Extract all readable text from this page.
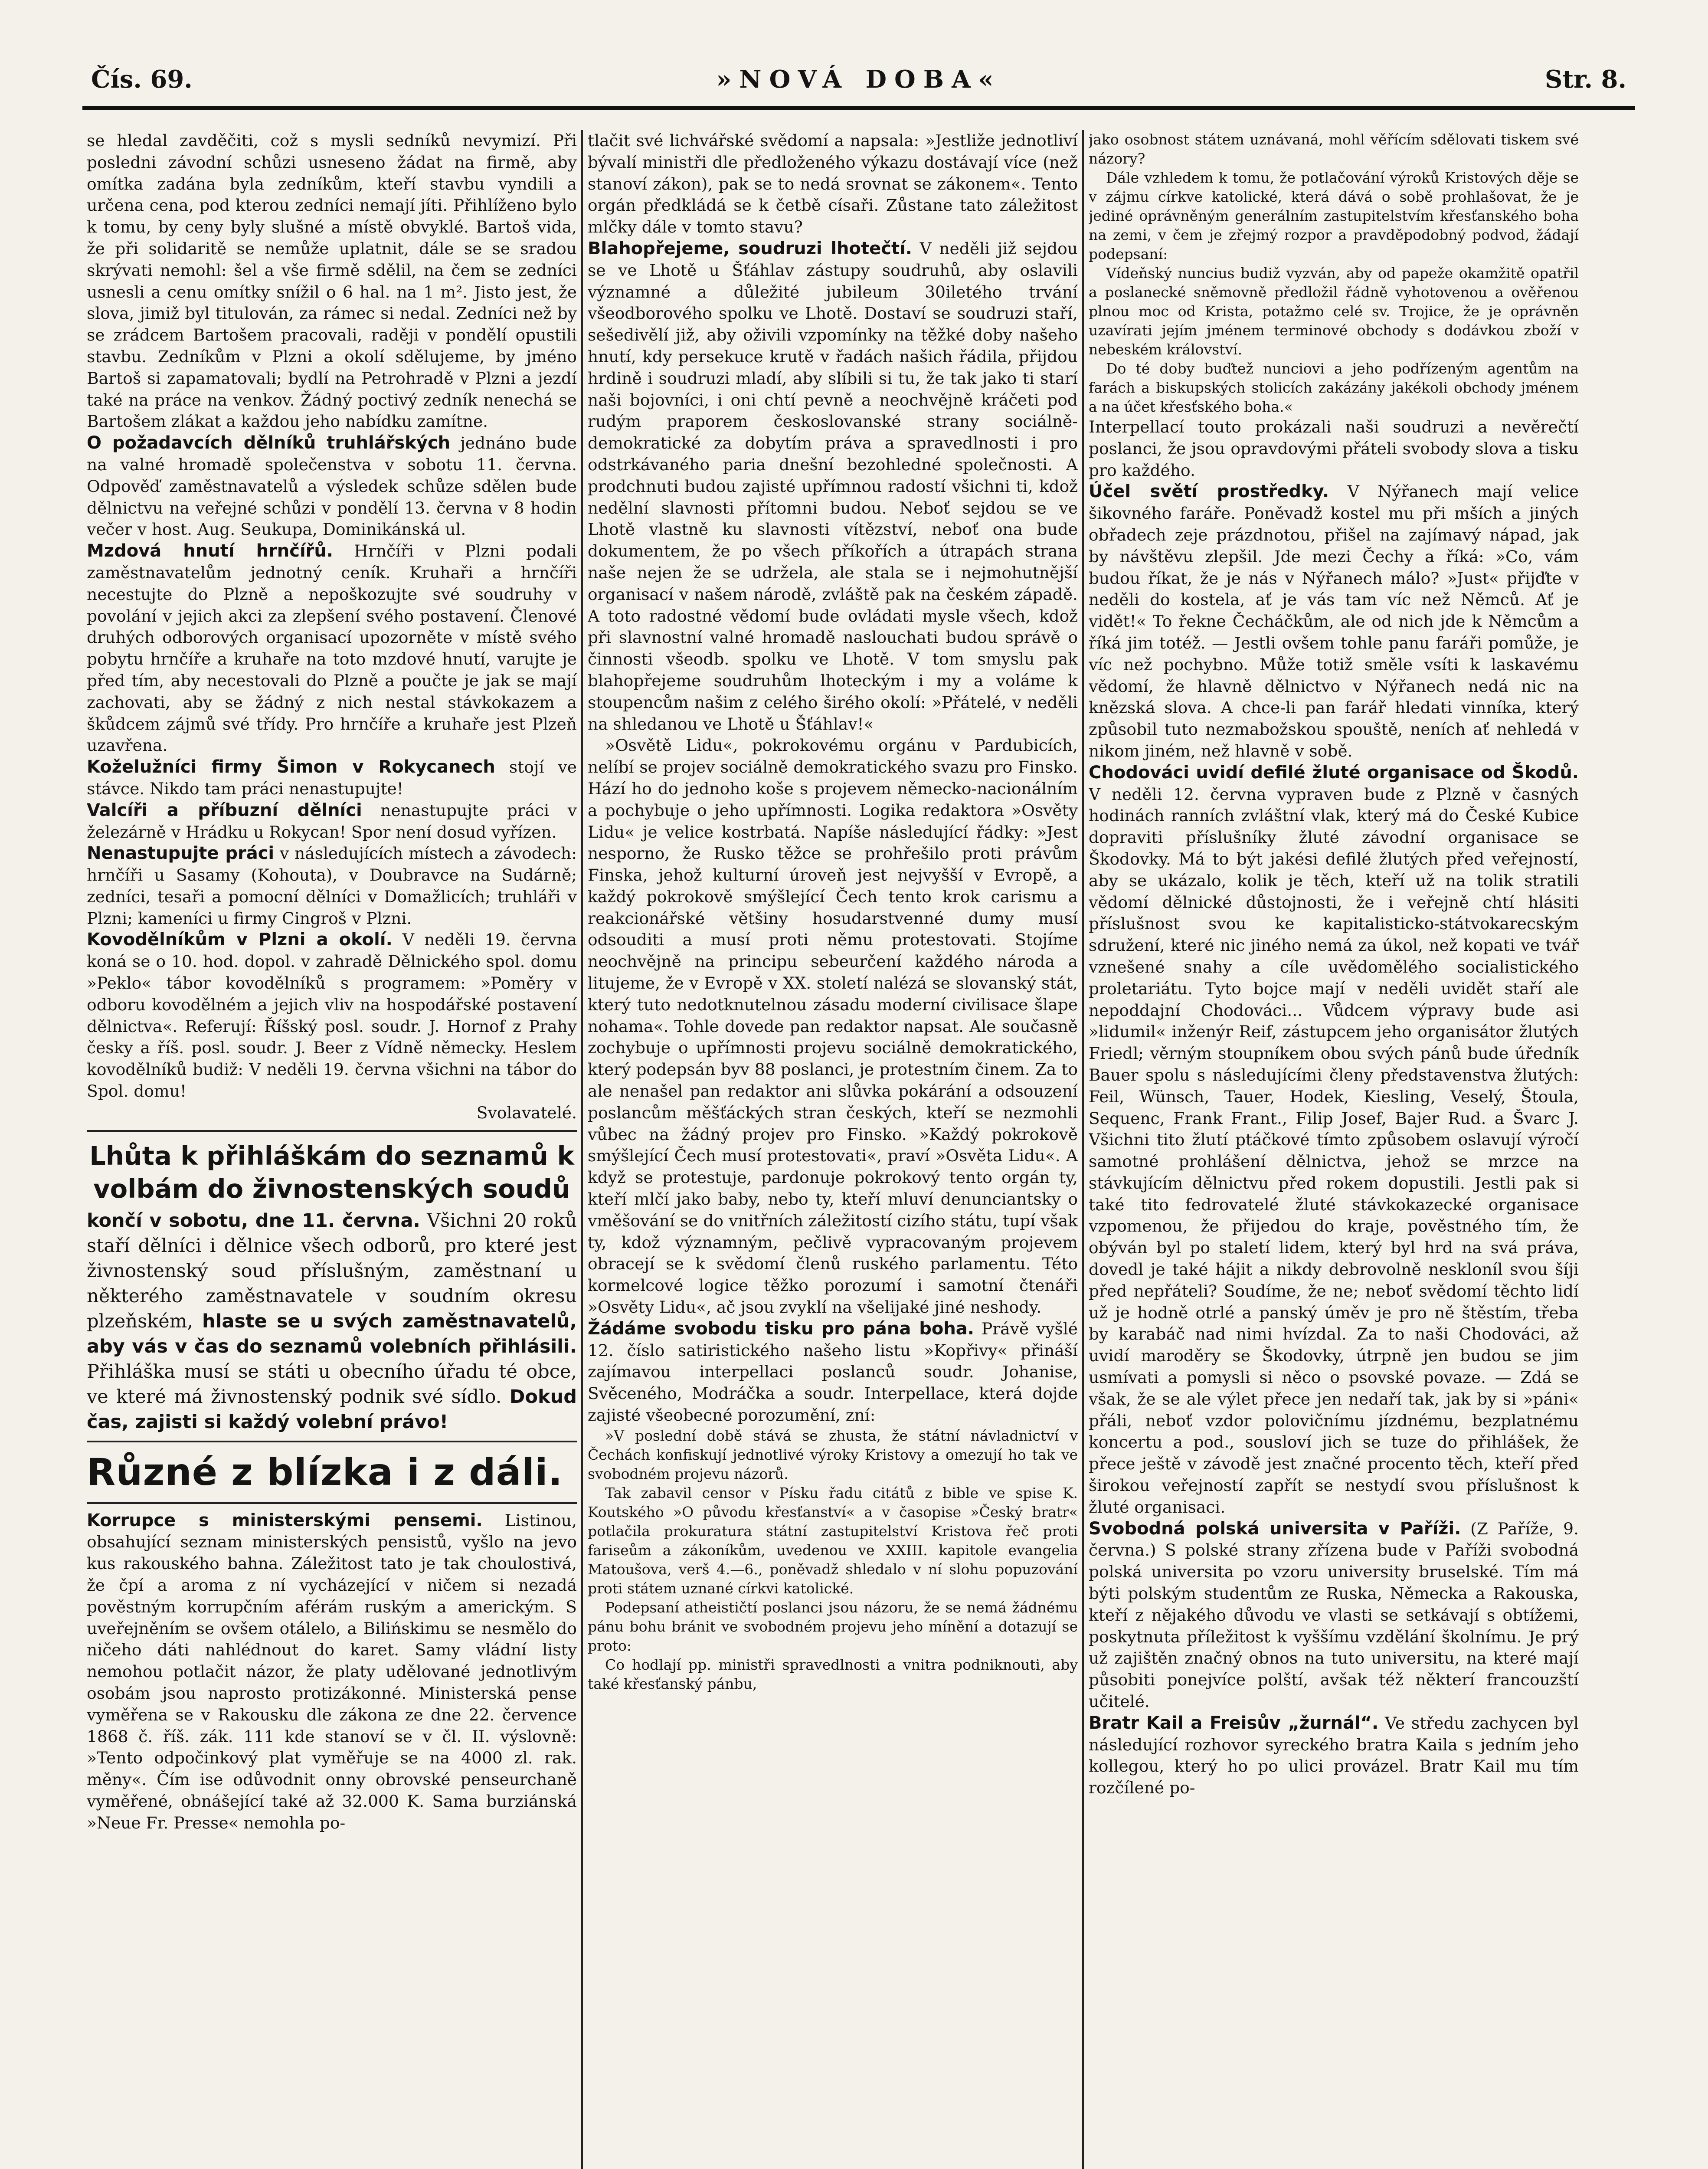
Čís. 69.	»NOVÁ DOBA«	Str. 8.

se hledal zavděčiti, což s mysli sedníků nevymizí. Při posledni závodní schůzi usneseno žádat na firmě, aby omítka zadána byla zedníkům, kteří stavbu vyndili a určena cena, pod kterou zedníci nemají jíti. Přihlíženo bylo k tomu, by ceny byly slušné a místě obvyklé. Bartoš vida, že při solidaritě se nemůže uplatnit, dále se se sradou skrývati nemohl: šel a vše firmě sdělil, na čem se zedníci usnesli a cenu omítky snížil o 6 hal. na 1 m². Jisto jest, že slova, jimiž byl titulován, za rámec si nedal. Zedníci než by se zrádcem Bartošem pracovali, raději v pondělí opustili stavbu. Zedníkům v Plzni a okolí sdělujeme, by jméno Bartoš si zapamatovali; bydlí na Petrohradě v Plzni a jezdí také na práce na venkov. Žádný poctivý zedník nenechá se Bartošem zlákat a každou jeho nabídku zamítne.

O požadavcích dělníků truhlářských jednáno bude na valné hromadě společenstva v sobotu 11. června. Odpověď zaměstnavatelů a výsledek schůze sdělen bude dělnictvu na veřejné schůzi v pondělí 13. června v 8 hodin večer v host. Aug. Seukupa, Dominikánská ul.

Mzdová hnutí hrnčířů. Hrnčíři v Plzni podali zaměstnavatelům jednotný ceník. Kruhaři a hrnčíři necestujte do Plzně a nepoškozujte své soudruhy v povolání v jejich akci za zlepšení svého postavení. Členové druhých odborových organisací upozorněte v místě svého pobytu hrnčíře a kruhaře na toto mzdové hnutí, varujte je před tím, aby necestovali do Plzně a poučte je jak se mají zachovati, aby se žádný z nich nestal stávkokazem a škůdcem zájmů své třídy. Pro hrnčíře a kruhaře jest Plzeň uzavřena.

Koželužníci firmy Šimon v Rokycanech stojí ve stávce. Nikdo tam práci nenastupujte!

Valcíři a příbuzní dělníci nenastupujte práci v železárně v Hrádku u Rokycan! Spor není dosud vyřízen.

Nenastupujte práci v následujících místech a závodech: hrnčíři u Sasamy (Kohouta), v Doubravce na Sudárně; zedníci, tesaři a pomocní dělníci v Domažlicích; truhláři v Plzni; kameníci u firmy Cingroš v Plzni.

Kovodělníkům v Plzni a okolí. V neděli 19. června koná se o 10. hod. dopol. v zahradě Dělnického spol. domu »Peklo« tábor kovodělníků s programem: »Poměry v odboru kovodělném a jejich vliv na hospodářské postavení dělnictva«. Referují: Říšský posl. soudr. J. Hornof z Prahy česky a říš. posl. soudr. J. Beer z Vídně německy. Heslem kovodělníků budiž: V neděli 19. června všichni na tábor do Spol. domu!

Svolavatelé.

Lhůta k přihláškám do seznamů k volbám do živnostenských soudů

končí v sobotu, dne 11. června. Všichni 20 roků staří dělníci i dělnice všech odborů, pro které jest živnostenský soud příslušným, zaměstnaní u některého zaměstnavatele v soudním okresu plzeňském, hlaste se u svých zaměstnavatelů, aby vás v čas do seznamů volebních přihlásili. Přihláška musí se státi u obecního úřadu té obce, ve které má živnostenský podnik své sídlo. Dokud čas, zajisti si každý volební právo!

Různé z blízka i z dáli.

Korrupce s ministerskými pensemi. Listinou, obsahující seznam ministerských pensistů, vyšlo na jevo kus rakouského bahna. Záležitost tato je tak choulostivá, že čpí a aroma z ní vycházející v ničem si nezadá pověstným korrupčním aférám ruským a americkým. S uveřejněním se ovšem otálelo, a Bilińskimu se nesmělo do ničeho dáti nahlédnout do karet. Samy vládní listy nemohou potlačit názor, že platy udělované jednotlivým osobám jsou naprosto protizákonné. Ministerská pense vyměřena se v Rakousku dle zákona ze dne 22. července 1868 č. říš. zák. 111 kde stanoví se v čl. II. výslovně: »Tento odpočinkový plat vyměřuje se na 4000 zl. rak. měny«. Čím ise odůvodnit onny obrovské penseurchaně vyměřené, obnášející také až 32.000 K. Sama burziánská »Neue Fr. Presse« nemohla po-

tlačit své lichvářské svědomí a napsala: »Jestliže jednotliví bývalí ministři dle předloženého výkazu dostávají více (než stanoví zákon), pak se to nedá srovnat se zákonem«. Tento orgán předkládá se k četbě císaři. Zůstane tato záležitost mlčky dále v tomto stavu?

Blahopřejeme, soudruzi lhotečtí. V neděli již sejdou se ve Lhotě u Šťáhlav zástupy soudruhů, aby oslavili významné a důležité jubileum 30iletého trvání všeodborového spolku ve Lhotě. Dostaví se soudruzi staří, sešedivělí již, aby oživili vzpomínky na těžké doby našeho hnutí, kdy persekuce krutě v řadách našich řádila, přijdou hrdině i soudruzi mladí, aby slíbili si tu, že tak jako ti starí naši bojovníci, i oni chtí pevně a neochvějně kráčeti pod rudým praporem českoslovanské strany sociálně-demokratické za dobytím práva a spravedlnosti i pro odstrkávaného paria dnešní bezohledné společnosti. A prodchnuti budou zajisté upřímnou radostí všichni ti, kdož nedělní slavnosti přítomni budou. Neboť sejdou se ve Lhotě vlastně ku slavnosti vítězství, neboť ona bude dokumentem, že po všech příkořích a útrapách strana naše nejen že se udržela, ale stala se i nejmohutnější organisací v našem národě, zvláště pak na českém západě. A toto radostné vědomí bude ovládati mysle všech, kdož při slavnostní valné hromadě naslouchati budou správě o činnosti všeodb. spolku ve Lhotě. V tom smyslu pak blahopřejeme soudruhům lhoteckým i my a voláme k stoupencům našim z celého širého okolí: »Přátelé, v neděli na shledanou ve Lhotě u Šťáhlav!«

»Osvětě Lidu«, pokrokovému orgánu v Pardubicích, nelíbí se projev sociálně demokratického svazu pro Finsko. Hází ho do jednoho koše s projevem německo-nacionálním a pochybuje o jeho upřímnosti. Logika redaktora »Osvěty Lidu« je velice kostrbatá. Napíše následující řádky: »Jest nesporno, že Rusko těžce se prohřešilo proti právům Finska, jehož kulturní úroveň jest nejvyšší v Evropě, a každý pokrokově smýšlející Čech tento krok carismu a reakcionářské většiny hosudarstvenné dumy musí odsouditi a musí proti němu protestovati. Stojíme neochvějně na principu sebeurčení každého národa a litujeme, že v Evropě v XX. století nalézá se slovanský stát, který tuto nedotknutelnou zásadu moderní civilisace šlape nohama«. Tohle dovede pan redaktor napsat. Ale současně zochybuje o upřímnosti projevu sociálně demokratického, který podepsán byv 88 poslanci, je protestním činem. Za to ale nenašel pan redaktor ani slůvka pokárání a odsouzení poslancům měšťáckých stran českých, kteří se nezmohli vůbec na žádný projev pro Finsko. »Každý pokrokově smýšlející Čech musí protestovati«, praví »Osvěta Lidu«. A když se protestuje, pardonuje pokrokový tento orgán ty, kteří mlčí jako baby, nebo ty, kteří mluví denunciantsky o vměšování se do vnitřních záležitostí cizího státu, tupí však ty, kdož významným, pečlivě vypracovaným projevem obracejí se k svědomí členů ruského parlamentu. Této kormelcové logice těžko porozumí i samotní čtenáři »Osvěty Lidu«, ač jsou zvyklí na všelijaké jiné neshody.

Žádáme svobodu tisku pro pána boha. Právě vyšlé 12. číslo satiristického našeho listu »Kopřivy« přináší zajímavou interpellaci poslanců soudr. Johanise, Svěceného, Modráčka a soudr. Interpellace, která dojde zajisté všeobecné porozumění, zní:

»V poslední době stává se zhusta, že státní návladnictví v Čechách konfiskují jednotlivé výroky Kristovy a omezují ho tak ve svobodném projevu názorů.

Tak zabavil censor v Písku řadu citátů z bible ve spise K. Koutského »O původu křesťanství« a v časopise »Český bratr« potlačila prokuratura státní zastupitelství Kristova řeč proti fariseům a zákoníkům, uvedenou ve XXIII. kapitole evangelia Matoušova, verš 4.—6., poněvadž shledalo v ní slohu popuzování proti státem uznané církvi katolické.

Podepsaní atheističtí poslanci jsou názoru, že se nemá žádnému pánu bohu bránit ve svobodném projevu jeho mínění a dotazují se proto:

Co hodlají pp. ministři spravedlnosti a vnitra podniknouti, aby také křesťanský pánbu,

jako osobnost státem uznávaná, mohl věřícím sdělovati tiskem své názory?

Dále vzhledem k tomu, že potlačování výroků Kristových děje se v zájmu církve katolické, která dává o sobě prohlašovat, že je jediné oprávněným generálním zastupitelstvím křesťanského boha na zemi, v čem je zřejmý rozpor a pravděpodobný podvod, žádají podepsaní:

Vídeňský nuncius budiž vyzván, aby od papeže okamžitě opatřil a poslanecké sněmovně předložil řádně vyhotovenou a ověřenou plnou moc od Krista, potažmo celé sv. Trojice, že je oprávněn uzavírati jejím jménem terminové obchody s dodávkou zboží v nebeském království.

Do té doby buďtež nunciovi a jeho podřízeným agentům na farách a biskupských stolicích zakázány jakékoli obchody jménem a na účet křesťského boha.«

Interpellací touto prokázali naši soudruzi a nevěrečtí poslanci, že jsou opravdovými přáteli svobody slova a tisku pro každého.

Účel světí prostředky. V Nýřanech mají velice šikovného faráře. Poněvadž kostel mu při mších a jiných obřadech zeje prázdnotou, přišel na zajímavý nápad, jak by návštěvu zlepšil. Jde mezi Čechy a říká: »Co, vám budou říkat, že je nás v Nýřanech málo? »Just« přijďte v neděli do kostela, ať je vás tam víc než Němců. Ať je vidět!« To řekne Čecháčkům, ale od nich jde k Němcům a říká jim totéž. — Jestli ovšem tohle panu faráři pomůže, je víc než pochybno. Může totiž směle vsíti k laskavému vědomí, že hlavně dělnictvo v Nýřanech nedá nic na knězská slova. A chce-li pan farář hledati vinníka, který způsobil tuto nezmabožskou spouště, neních ať nehledá v nikom jiném, než hlavně v sobě.

Chodováci uvidí defilé žluté organisace od Škodů. V neděli 12. června vypraven bude z Plzně v časných hodinách ranních zvláštní vlak, který má do České Kubice dopraviti příslušníky žluté závodní organisace se Škodovky. Má to být jakési defilé žlutých před veřejností, aby se ukázalo, kolik je těch, kteří už na tolik stratili vědomí dělnické důstojnosti, že i veřejně chtí hlásiti příslušnost svou ke kapitalisticko-státvokarecským sdružení, které nic jiného nemá za úkol, než kopati ve tvář vznešené snahy a cíle uvědomělého socialistického proletariátu. Tyto bojce mají v neděli uvidět staří ale nepoddajní Chodováci... Vůdcem výpravy bude asi »lidumil« inženýr Reif, zástupcem jeho organisátor žlutých Friedl; věrným stoupníkem obou svých pánů bude úředník Bauer spolu s následujícími členy představenstva žlutých: Feil, Wünsch, Tauer, Hodek, Kiesling, Veselý, Štoula, Sequenc, Frank Frant., Filip Josef, Bajer Rud. a Švarc J. Všichni tito žlutí ptáčkové tímto způsobem oslavují výročí samotné prohlášení dělnictva, jehož se mrzce na stávkujícím dělnictvu před rokem dopustili. Jestli pak si také tito fedrovatelé žluté stávkokazecké organisace vzpomenou, že přijedou do kraje, pověstného tím, že obýván byl po staletí lidem, který byl hrd na svá práva, dovedl je také hájit a nikdy debrovolně neskloníl svou šíji před nepřáteli? Soudíme, že ne; neboť svědomí těchto lidí už je hodně otrlé a panský úměv je pro ně štěstím, třeba by karabáč nad nimi hvízdal. Za to naši Chodováci, až uvidí maroděry se Škodovky, útrpně jen budou se jim usmívati a pomysli si něco o psovské povaze. — Zdá se však, že se ale výlet přece jen nedaří tak, jak by si »páni« přáli, neboť vzdor polovičnímu jízdnému, bezplatnému koncertu a pod., sousloví jich se tuze do přihlášek, že přece ještě v závodě jest značné procento těch, kteří před širokou veřejností zapřít se nestydí svou příslušnost k žluté organisaci.

Svobodná polská universita v Paříži. (Z Paříže, 9. června.) S polské strany zřízena bude v Paříži svobodná polská universita po vzoru university bruselské. Tím má býti polským studentům ze Ruska, Německa a Rakouska, kteří z nějakého důvodu ve vlasti se setkávají s obtížemi, poskytnuta příležitost k vyššímu vzdělání školnímu. Je prý už zajištěn značný obnos na tuto universitu, na které mají působiti ponejvíce polští, avšak též některí francouzští učitelé.

Bratr Kail a Freisův „žurnál“. Ve středu zachycen byl následující rozhovor syreckého bratra Kaila s jedním jeho kollegou, který ho po ulici provázel. Bratr Kail mu tím rozčílené po-
